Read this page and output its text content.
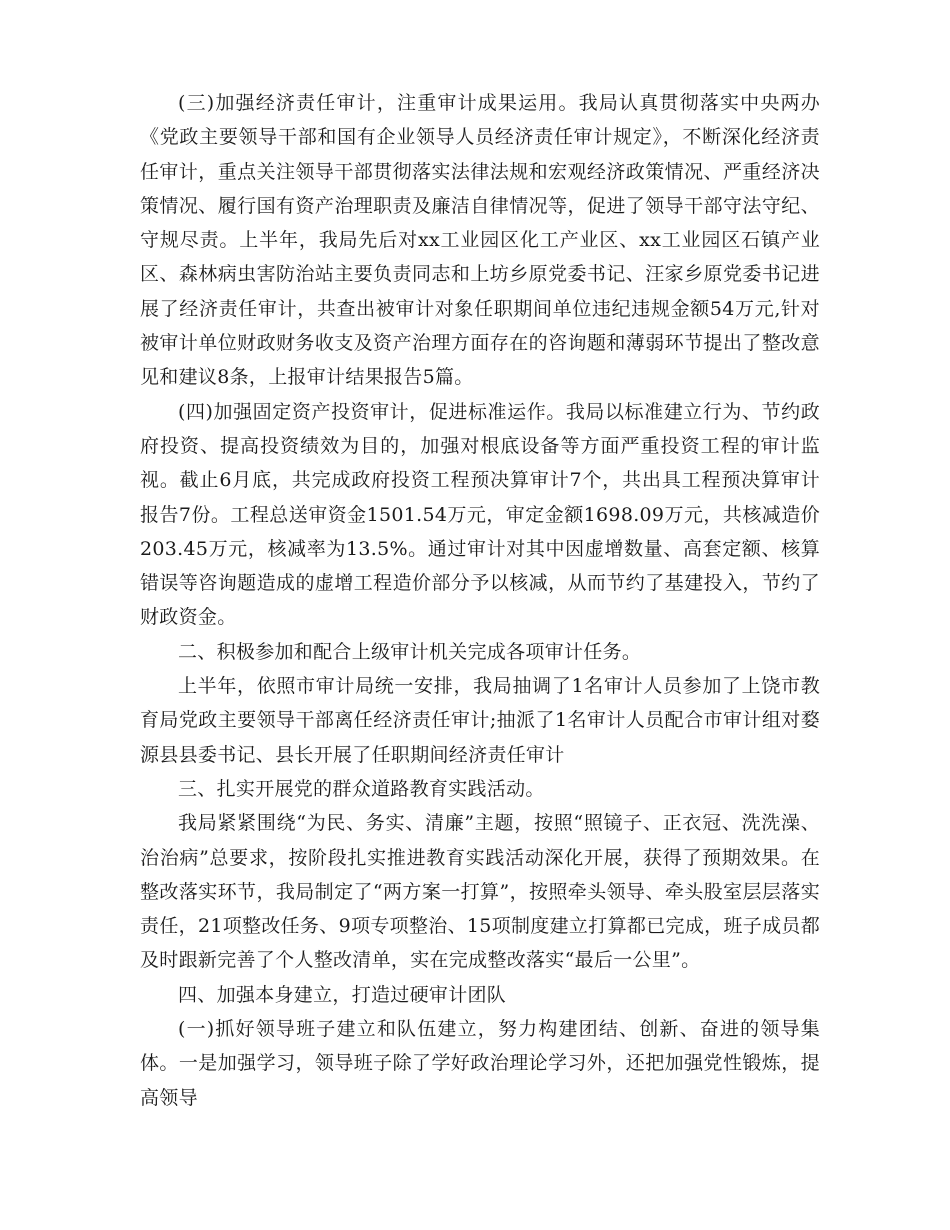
(三)加强经济责任审计，注重审计成果运用。我局认真贯彻落实中央两办《党政主要领导干部和国有企业领导人员经济责任审计规定》，不断深化经济责任审计，重点关注领导干部贯彻落实法律法规和宏观经济政策情况、严重经济决策情况、履行国有资产治理职责及廉洁自律情况等，促进了领导干部守法守纪、守规尽责。上半年，我局先后对xx工业园区化工产业区、xx工业园区石镇产业区、森林病虫害防治站主要负责同志和上坊乡原党委书记、汪家乡原党委书记进展了经济责任审计，共查出被审计对象任职期间单位违纪违规金额54万元,针对被审计单位财政财务收支及资产治理方面存在的咨询题和薄弱环节提出了整改意见和建议8条，上报审计结果报告5篇。

(四)加强固定资产投资审计，促进标准运作。我局以标准建立行为、节约政府投资、提高投资绩效为目的，加强对根底设备等方面严重投资工程的审计监视。截止6月底，共完成政府投资工程预决算审计7个，共出具工程预决算审计报告7份。工程总送审资金1501.54万元，审定金额1698.09万元，共核减造价203.45万元，核减率为13.5%。通过审计对其中因虚增数量、高套定额、核算错误等咨询题造成的虚增工程造价部分予以核减，从而节约了基建投入，节约了财政资金。

二、积极参加和配合上级审计机关完成各项审计任务。

上半年，依照市审计局统一安排，我局抽调了1名审计人员参加了上饶市教育局党政主要领导干部离任经济责任审计;抽派了1名审计人员配合市审计组对婺源县县委书记、县长开展了任职期间经济责任审计

三、扎实开展党的群众道路教育实践活动。

我局紧紧围绕“为民、务实、清廉”主题，按照“照镜子、正衣冠、洗洗澡、治治病”总要求，按阶段扎实推进教育实践活动深化开展，获得了预期效果。在整改落实环节，我局制定了“两方案一打算”，按照牵头领导、牵头股室层层落实责任，21项整改任务、9项专项整治、15项制度建立打算都已完成，班子成员都及时跟新完善了个人整改清单，实在完成整改落实“最后一公里”。

四、加强本身建立，打造过硬审计团队

(一)抓好领导班子建立和队伍建立，努力构建团结、创新、奋进的领导集体。一是加强学习，领导班子除了学好政治理论学习外，还把加强党性锻炼，提高领导
